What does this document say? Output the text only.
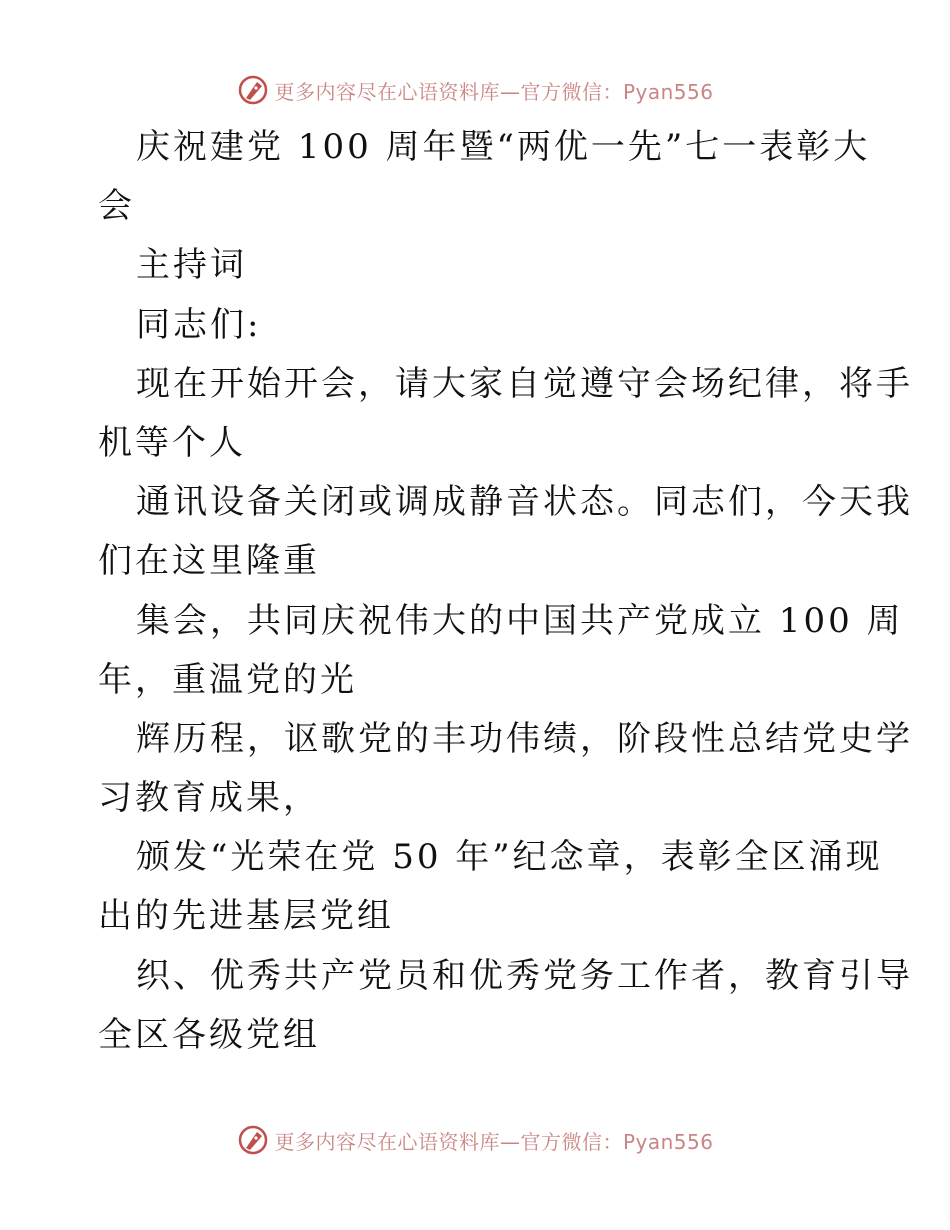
更多内容尽在心语资料库—官方微信：Pyan556
庆祝建党 100 周年暨“两优一先”七一表彰大
会
主持词
同志们:
现在开始开会，请大家自觉遵守会场纪律，将手
机等个人
通讯设备关闭或调成静音状态。同志们，今天我
们在这里隆重
集会，共同庆祝伟大的中国共产党成立 100 周
年，重温党的光
辉历程，讴歌党的丰功伟绩，阶段性总结党史学
习教育成果，
颁发“光荣在党 50 年”纪念章，表彰全区涌现
出的先进基层党组
织、优秀共产党员和优秀党务工作者，教育引导
全区各级党组
更多内容尽在心语资料库—官方微信：Pyan556
